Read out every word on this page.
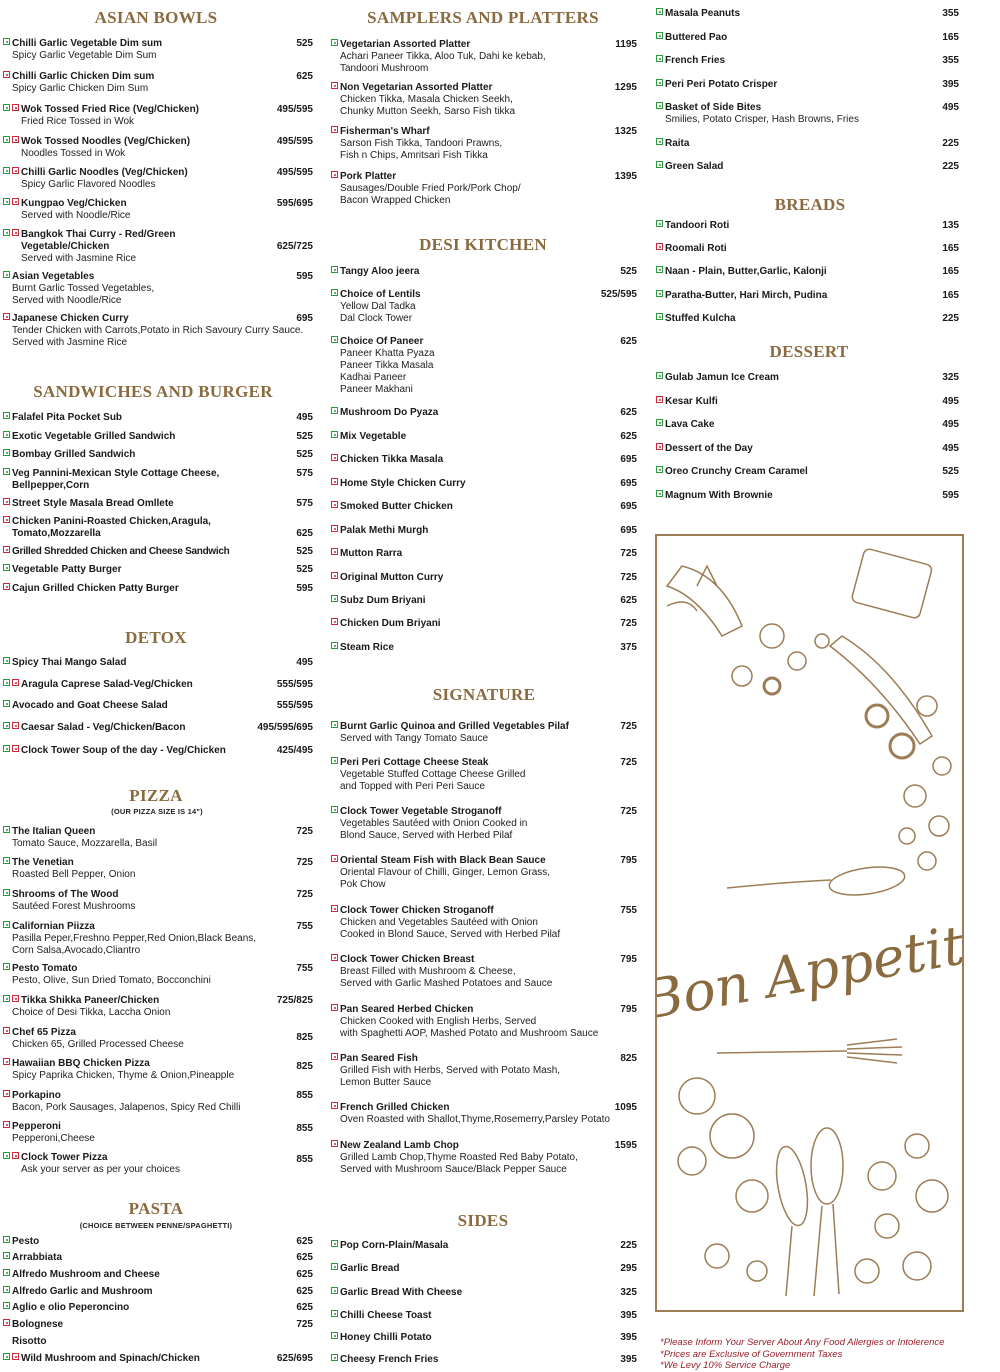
ASIAN BOWLS
Chilli Garlic Vegetable Dim sum
Spicy Garlic Vegetable Dim Sum
525
Chilli Garlic Chicken Dim sum
Spicy Garlic Chicken Dim Sum
625
Wok Tossed Fried Rice (Veg/Chicken)
Fried Rice Tossed in Wok
495/595
Wok Tossed Noodles (Veg/Chicken)
Noodles Tossed in Wok
495/595
Chilli Garlic Noodles (Veg/Chicken)
Spicy Garlic Flavored Noodles
495/595
Kungpao Veg/Chicken
Served with Noodle/Rice
595/695
Bangkok Thai Curry - Red/Green
Vegetable/Chicken
Served with Jasmine Rice
625/725
Asian Vegetables
Burnt Garlic Tossed Vegetables,
Served with Noodle/Rice
595
Japanese Chicken Curry
Tender Chicken with Carrots,Potato in Rich Savoury Curry Sauce.
Served with Jasmine Rice
695
SANDWICHES AND BURGER
Falafel Pita Pocket Sub	495
Exotic Vegetable Grilled Sandwich	525
Bombay Grilled Sandwich	525
Veg Pannini-Mexican Style Cottage Cheese,
Bellpepper,Corn
575
Street Style Masala Bread Omllete	575
Chicken Panini-Roasted Chicken,Aragula,
Tomato,Mozzarella	625
Grilled Shredded Chicken and Cheese Sandwich	525
Vegetable Patty Burger	525
Cajun Grilled Chicken Patty Burger	595
DETOX
Spicy Thai Mango Salad	495
Aragula Caprese Salad-Veg/Chicken	555/595
Avocado and Goat Cheese Salad	555/595
Caesar Salad - Veg/Chicken/Bacon	495/595/695
Clock Tower Soup of the day - Veg/Chicken	425/495
PIZZA
(OUR PIZZA SIZE IS 14")
The Italian Queen
Tomato Sauce, Mozzarella, Basil
725
The Venetian
Roasted Bell Pepper, Onion
725
Shrooms of The Wood
Sautéed Forest Mushrooms
725
Californian Piizza
Pasilla Peper,Freshno Pepper,Red Onion,Black Beans,
Corn Salsa,Avocado,Cliantro
755
Pesto Tomato
Pesto, Olive, Sun Dried Tomato, Bocconchini
755
Tikka Shikka Paneer/Chicken
Choice of Desi Tikka, Laccha Onion
725/825
Chef 65 Pizza
Chicken 65, Grilled Processed Cheese
825
Hawaiian BBQ Chicken Pizza
Spicy Paprika Chicken, Thyme & Onion,Pineapple
825
Porkapino
Bacon, Pork Sausages, Jalapenos, Spicy Red Chilli
855
Pepperoni
Pepperoni,Cheese
855
Clock Tower Pizza
Ask your server as per your choices
855
PASTA
(CHOICE BETWEEN PENNE/SPAGHETTI)
Pesto	625
Arrabbiata	625
Alfredo Mushroom and Cheese	625
Alfredo Garlic and Mushroom	625
Aglio e olio Peperoncino	625
Bolognese	725
Risotto
Wild Mushroom and Spinach/Chicken	625/695
SAMPLERS AND PLATTERS
Vegetarian Assorted Platter
Achari Paneer Tikka, Aloo Tuk, Dahi ke kebab,
Tandoori Mushroom
1195
Non Vegetarian Assorted Platter
Chicken Tikka, Masala Chicken Seekh,
Chunky Mutton Seekh, Sarso Fish tikka
1295
Fisherman's Wharf
Sarson Fish Tikka, Tandoori Prawns,
Fish n Chips, Amritsari Fish Tikka
1325
Pork Platter
Sausages/Double Fried Pork/Pork Chop/
Bacon Wrapped Chicken
1395
DESI KITCHEN
Tangy Aloo jeera	525
Choice of Lentils
Yellow Dal Tadka
Dal Clock Tower
525/595
Choice Of Paneer
Paneer Khatta Pyaza
Paneer Tikka Masala
Kadhai Paneer
Paneer Makhani
625
Mushroom Do Pyaza	625
Mix Vegetable	625
Chicken Tikka Masala	695
Home Style Chicken Curry	695
Smoked Butter Chicken	695
Palak Methi Murgh	695
Mutton Rarra	725
Original Mutton Curry	725
Subz Dum Briyani	625
Chicken Dum Briyani	725
Steam Rice	375
SIGNATURE
Burnt Garlic Quinoa and Grilled Vegetables Pilaf
Served with Tangy Tomato Sauce
725
Peri Peri Cottage Cheese Steak
Vegetable Stuffed Cottage Cheese Grilled
and Topped with Peri Peri Sauce
725
Clock Tower Vegetable Stroganoff
Vegetables Sautéed with Onion Cooked in
Blond Sauce, Served with Herbed Pilaf
725
Oriental Steam Fish with Black Bean Sauce
Oriental Flavour of Chilli, Ginger, Lemon Grass,
Pok Chow
795
Clock Tower Chicken Stroganoff
Chicken and Vegetables Sautéed with Onion
Cooked in Blond Sauce, Served with Herbed Pilaf
755
Clock Tower Chicken Breast
Breast Filled with Mushroom & Cheese,
Served with Garlic Mashed Potatoes and Sauce
795
Pan Seared Herbed Chicken
Chicken Cooked with English Herbs, Served
with Spaghetti AOP, Mashed Potato and Mushroom Sauce
795
Pan Seared Fish
Grilled Fish with Herbs, Served with Potato Mash,
Lemon Butter Sauce
825
French Grilled Chicken
Oven Roasted with Shallot,Thyme,Rosemerry,Parsley Potato
1095
New Zealand Lamb Chop
Grilled Lamb Chop,Thyme Roasted Red Baby Potato,
Served with Mushroom Sauce/Black Pepper Sauce
1595
SIDES
Pop Corn-Plain/Masala	225
Garlic Bread	295
Garlic Bread With Cheese	325
Chilli Cheese Toast	395
Honey Chilli Potato	395
Cheesy French Fries	395
Masala Peanuts	355
Buttered Pao	165
French Fries	355
Peri Peri Potato Crisper	395
Basket of Side Bites
Smilies, Potato Crisper, Hash Browns, Fries
495
Raita	225
Green Salad	225
BREADS
Tandoori Roti	135
Roomali Roti	165
Naan - Plain, Butter,Garlic, Kalonji	165
Paratha-Butter, Hari Mirch, Pudina	165
Stuffed Kulcha	225
DESSERT
Gulab Jamun Ice Cream	325
Kesar Kulfi	495
Lava Cake	495
Dessert of the Day	495
Oreo Crunchy Cream Caramel	525
Magnum With Brownie	595
Bon Appetit
*Please Inform Your Server About Any Food Allergies or Intolerence
*Prices are Exclusive of Government Taxes
*We Levy 10% Service Charge
